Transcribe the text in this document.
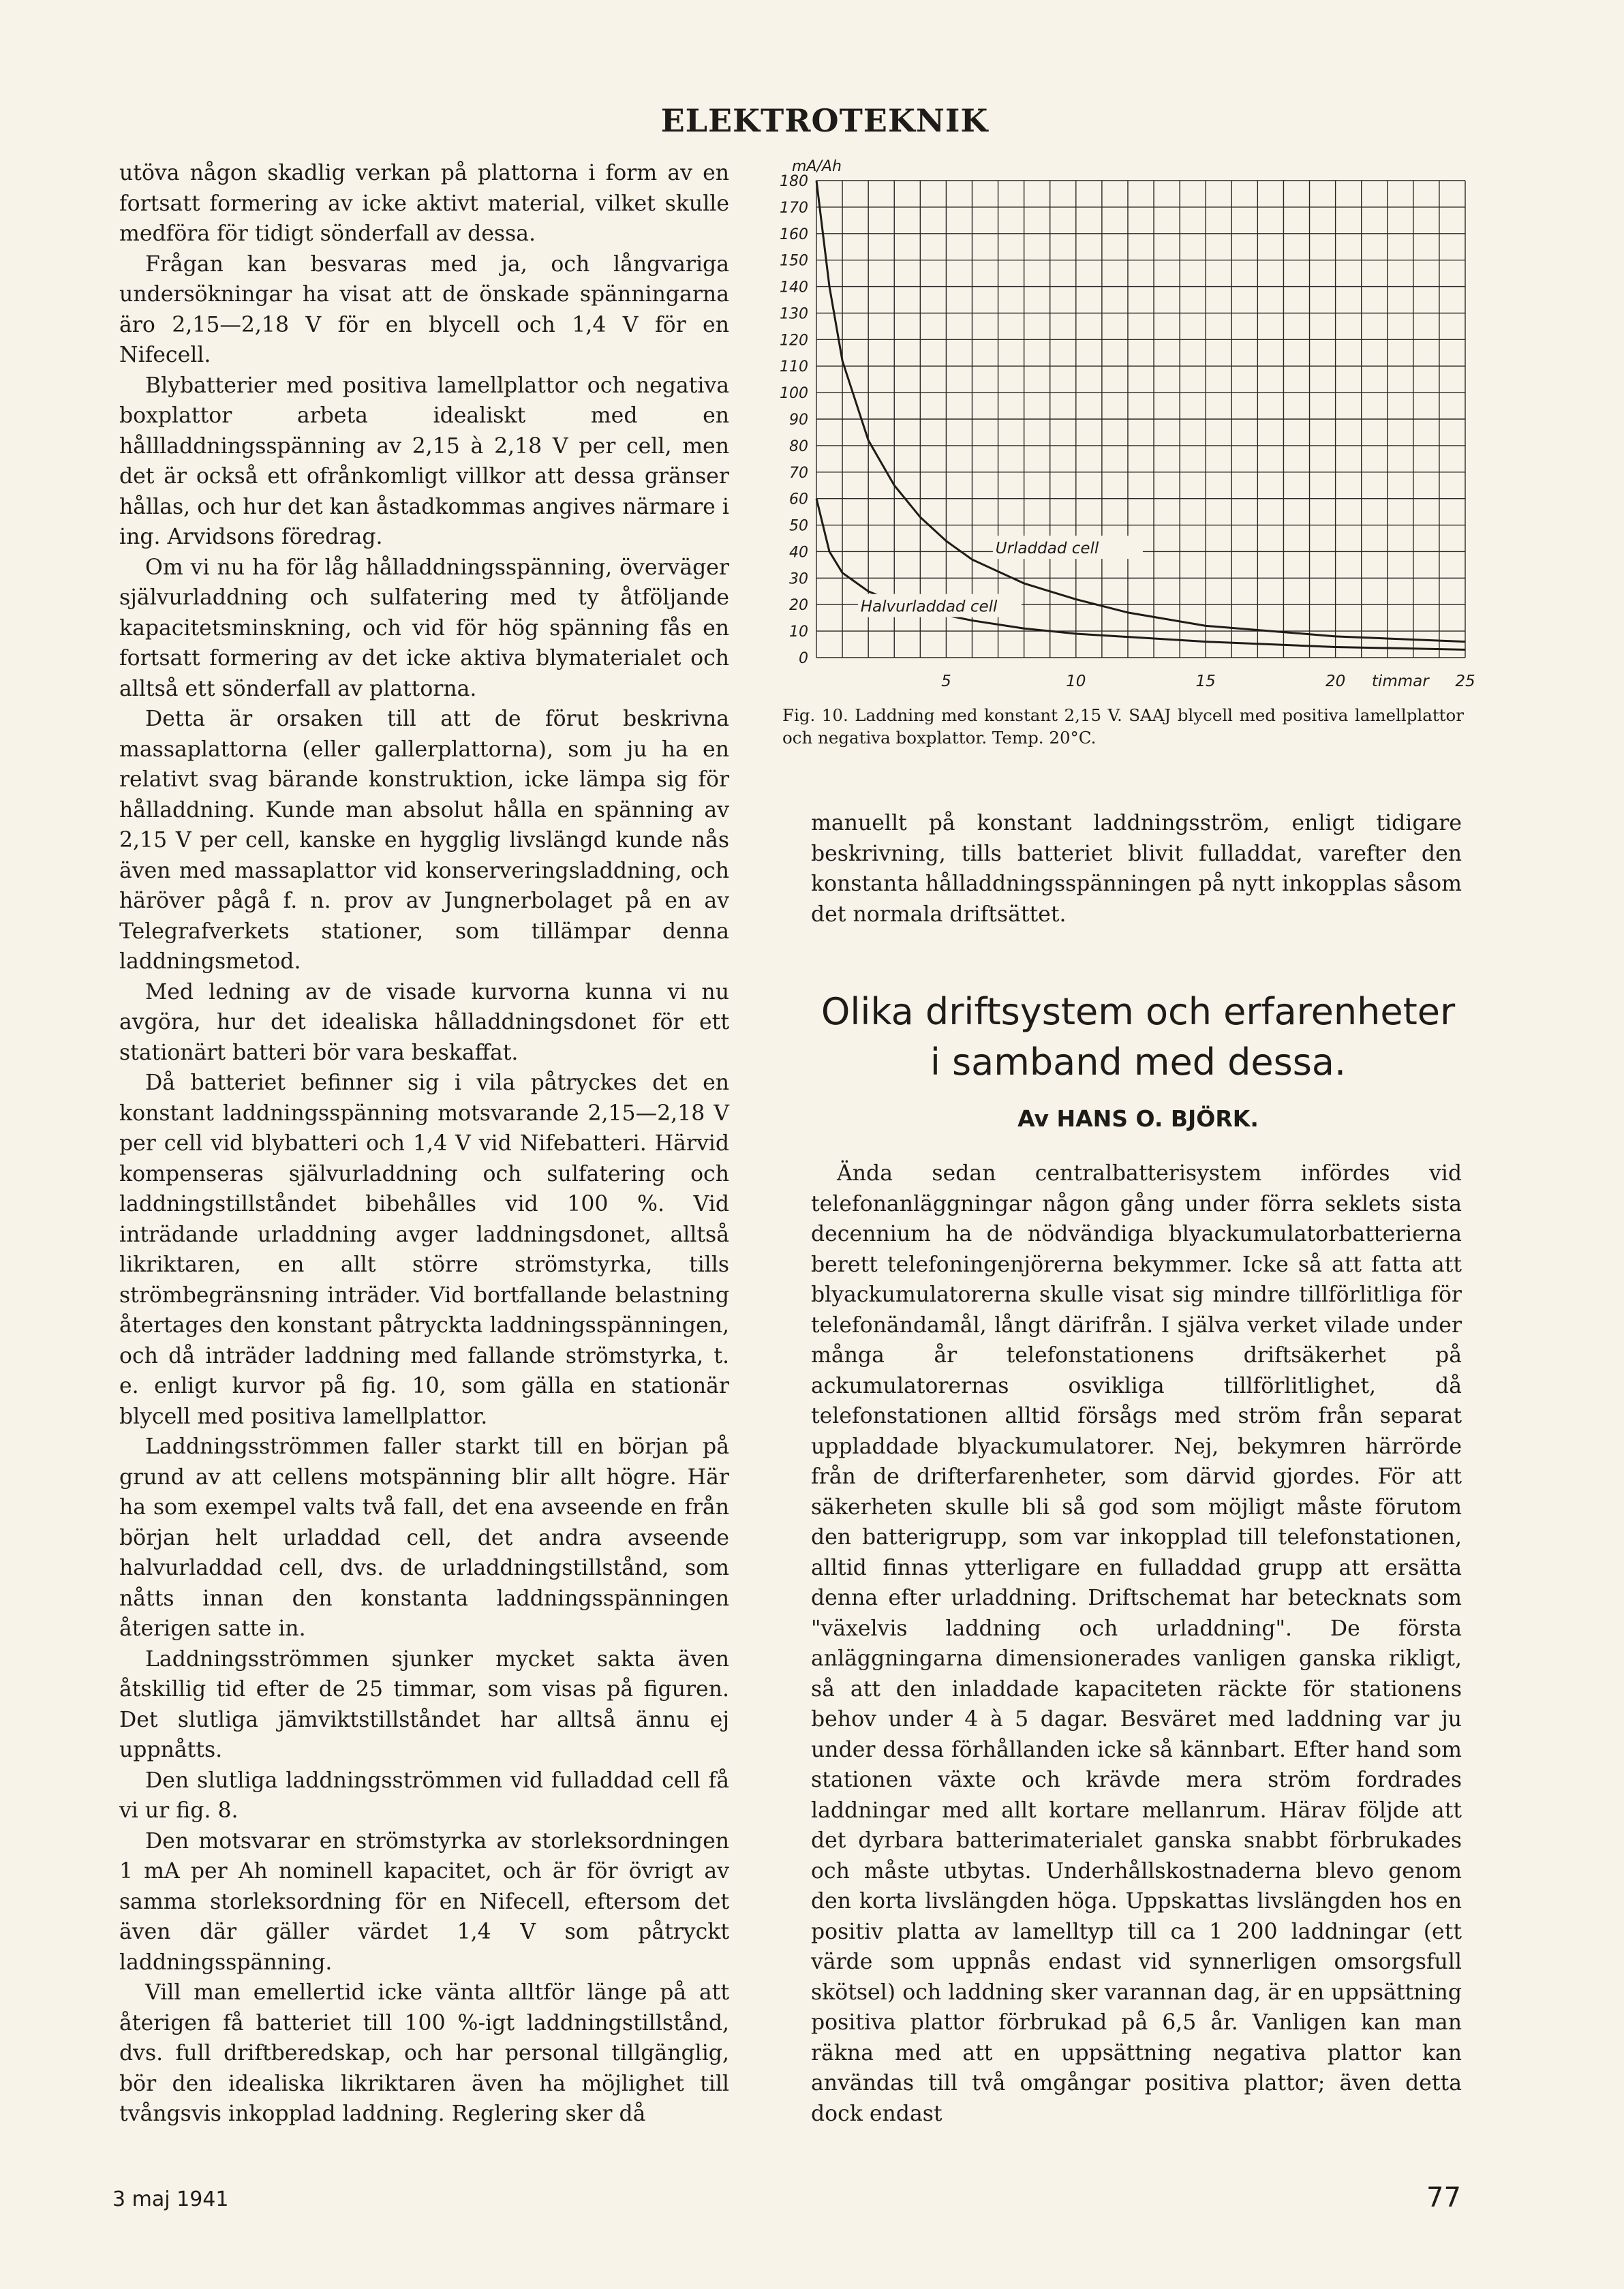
ELEKTROTEKNIK

utöva någon skadlig verkan på plattorna i form av en fortsatt formering av icke aktivt material, vilket skulle medföra för tidigt sönderfall av dessa.

Frågan kan besvaras med ja, och långvariga undersökningar ha visat att de önskade spänningarna äro 2,15—2,18 V för en blycell och 1,4 V för en Nifecell.

Blybatterier med positiva lamellplattor och negativa boxplattor arbeta idealiskt med en hållladdningsspänning av 2,15 à 2,18 V per cell, men det är också ett ofrånkomligt villkor att dessa gränser hållas, och hur det kan åstadkommas angives närmare i ing. Arvidsons föredrag.

Om vi nu ha för låg hålladdningsspänning, överväger självurladdning och sulfatering med ty åtföljande kapacitetsminskning, och vid för hög spänning fås en fortsatt formering av det icke aktiva blymaterialet och alltså ett sönderfall av plattorna.

Detta är orsaken till att de förut beskrivna massaplattorna (eller gallerplattorna), som ju ha en relativt svag bärande konstruktion, icke lämpa sig för hålladdning. Kunde man absolut hålla en spänning av 2,15 V per cell, kanske en hygglig livslängd kunde nås även med massaplattor vid konserveringsladdning, och häröver pågå f. n. prov av Jungnerbolaget på en av Telegrafverkets stationer, som tillämpar denna laddningsmetod.

Med ledning av de visade kurvorna kunna vi nu avgöra, hur det idealiska hålladdningsdonet för ett stationärt batteri bör vara beskaffat.

Då batteriet befinner sig i vila påtryckes det en konstant laddningsspänning motsvarande 2,15—2,18 V per cell vid blybatteri och 1,4 V vid Nifebatteri. Härvid kompenseras självurladdning och sulfatering och laddningstillståndet bibehålles vid 100 %. Vid inträdande urladdning avger laddningsdonet, alltså likriktaren, en allt större strömstyrka, tills strömbegränsning inträder. Vid bortfallande belastning återtages den konstant påtryckta laddningsspänningen, och då inträder laddning med fallande strömstyrka, t. e. enligt kurvor på fig. 10, som gälla en stationär blycell med positiva lamellplattor.

Laddningsströmmen faller starkt till en början på grund av att cellens motspänning blir allt högre. Här ha som exempel valts två fall, det ena avseende en från början helt urladdad cell, det andra avseende halvurladdad cell, dvs. de urladdningstillstånd, som nåtts innan den konstanta laddningsspänningen återigen satte in.

Laddningsströmmen sjunker mycket sakta även åtskillig tid efter de 25 timmar, som visas på figuren. Det slutliga jämviktstillståndet har alltså ännu ej uppnåtts.

Den slutliga laddningsströmmen vid fulladdad cell få vi ur fig. 8.

Den motsvarar en strömstyrka av storleksordningen 1 mA per Ah nominell kapacitet, och är för övrigt av samma storleksordning för en Nifecell, eftersom det även där gäller värdet 1,4 V som påtryckt laddningsspänning.

Vill man emellertid icke vänta alltför länge på att återigen få batteriet till 100 %-igt laddningstillstånd, dvs. full driftberedskap, och har personal tillgänglig, bör den idealiska likriktaren även ha möjlighet till tvångsvis inkopplad laddning. Reglering sker då

180
170
160
150
140
130
120
110
100
90
80
70
60
50
40
30
20
10
0
mA/Ah
5	10	15	20 timmar 25
Urladdad cell
Halvurladdad cell
Fig. 10. Laddning med konstant 2,15 V. SAAJ blycell med positiva lamellplattor och negativa boxplattor. Temp. 20°C.

manuellt på konstant laddningsström, enligt tidigare beskrivning, tills batteriet blivit fulladdat, varefter den konstanta hålladdningsspänningen på nytt inkopplas såsom det normala driftsättet.

Olika driftsystem och erfarenheter
i samband med dessa.
Av HANS O. BJÖRK.

Ända sedan centralbatterisystem infördes vid telefonanläggningar någon gång under förra seklets sista decennium ha de nödvändiga blyackumulatorbatterierna berett telefoningenjörerna bekymmer. Icke så att fatta att blyackumulatorerna skulle visat sig mindre tillförlitliga för telefonändamål, långt därifrån. I själva verket vilade under många år telefonstationens driftsäkerhet på ackumulatorernas osvikliga tillförlitlighet, då telefonstationen alltid försågs med ström från separat uppladdade blyackumulatorer. Nej, bekymren härrörde från de drifterfarenheter, som därvid gjordes. För att säkerheten skulle bli så god som möjligt måste förutom den batterigrupp, som var inkopplad till telefonstationen, alltid finnas ytterligare en fulladdad grupp att ersätta denna efter urladdning. Driftschemat har betecknats som "växelvis laddning och urladdning". De första anläggningarna dimensionerades vanligen ganska rikligt, så att den inladdade kapaciteten räckte för stationens behov under 4 à 5 dagar. Besväret med laddning var ju under dessa förhållanden icke så kännbart. Efter hand som stationen växte och krävde mera ström fordrades laddningar med allt kortare mellanrum. Härav följde att det dyrbara batterimaterialet ganska snabbt förbrukades och måste utbytas. Underhållskostnaderna blevo genom den korta livslängden höga. Uppskattas livslängden hos en positiv platta av lamelltyp till ca 1 200 laddningar (ett värde som uppnås endast vid synnerligen omsorgsfull skötsel) och laddning sker varannan dag, är en uppsättning positiva plattor förbrukad på 6,5 år. Vanligen kan man räkna med att en uppsättning negativa plattor kan användas till två omgångar positiva plattor; även detta dock endast

3 maj 1941	77
